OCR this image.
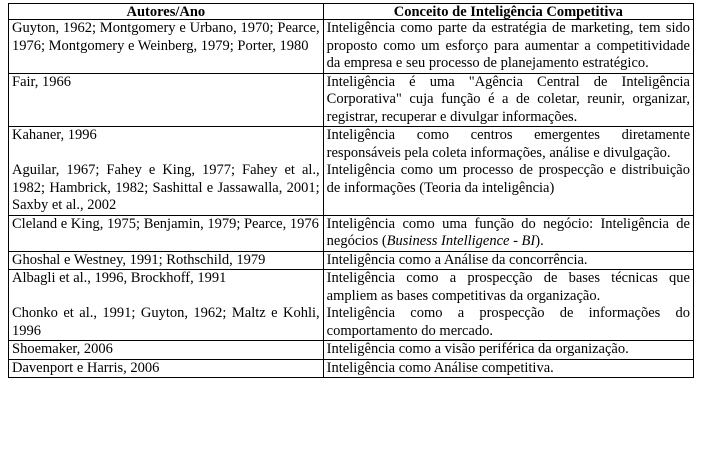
Autores/Ano	Conceito de Inteligência Competitiva
Guyton, 1962; Montgomery e Urbano, 1970; Pearce, 1976; Montgomery e Weinberg, 1979; Porter, 1980	Inteligência como parte da estratégia de marketing, tem sido proposto como um esforço para aumentar a competitividade da empresa e seu processo de planejamento estratégico.
Fair, 1966	Inteligência é uma "Agência Central de Inteligência Corporativa" cuja função é a de coletar, reunir, organizar, registrar, recuperar e divulgar informações.
Kahaner, 1996	Inteligência como centros emergentes diretamente responsáveis pela coleta informações, análise e divulgação.
Aguilar, 1967; Fahey e King, 1977; Fahey et al., 1982; Hambrick, 1982; Sashittal e Jassawalla, 2001; Saxby et al., 2002	Inteligência como um processo de prospecção e distribuição de informações (Teoria da inteligência)
Cleland e King, 1975; Benjamin, 1979; Pearce, 1976	Inteligência como uma função do negócio: Inteligência de negócios (Business Intelligence - BI).
Ghoshal e Westney, 1991; Rothschild, 1979	Inteligência como a Análise da concorrência.
Albagli et al., 1996, Brockhoff, 1991	Inteligência como a prospecção de bases técnicas que ampliem as bases competitivas da organização.
Chonko et al., 1991; Guyton, 1962; Maltz e Kohli, 1996	Inteligência como a prospecção de informações do comportamento do mercado.
Shoemaker, 2006	Inteligência como a visão periférica da organização.
Davenport e Harris, 2006	Inteligência como Análise competitiva.
